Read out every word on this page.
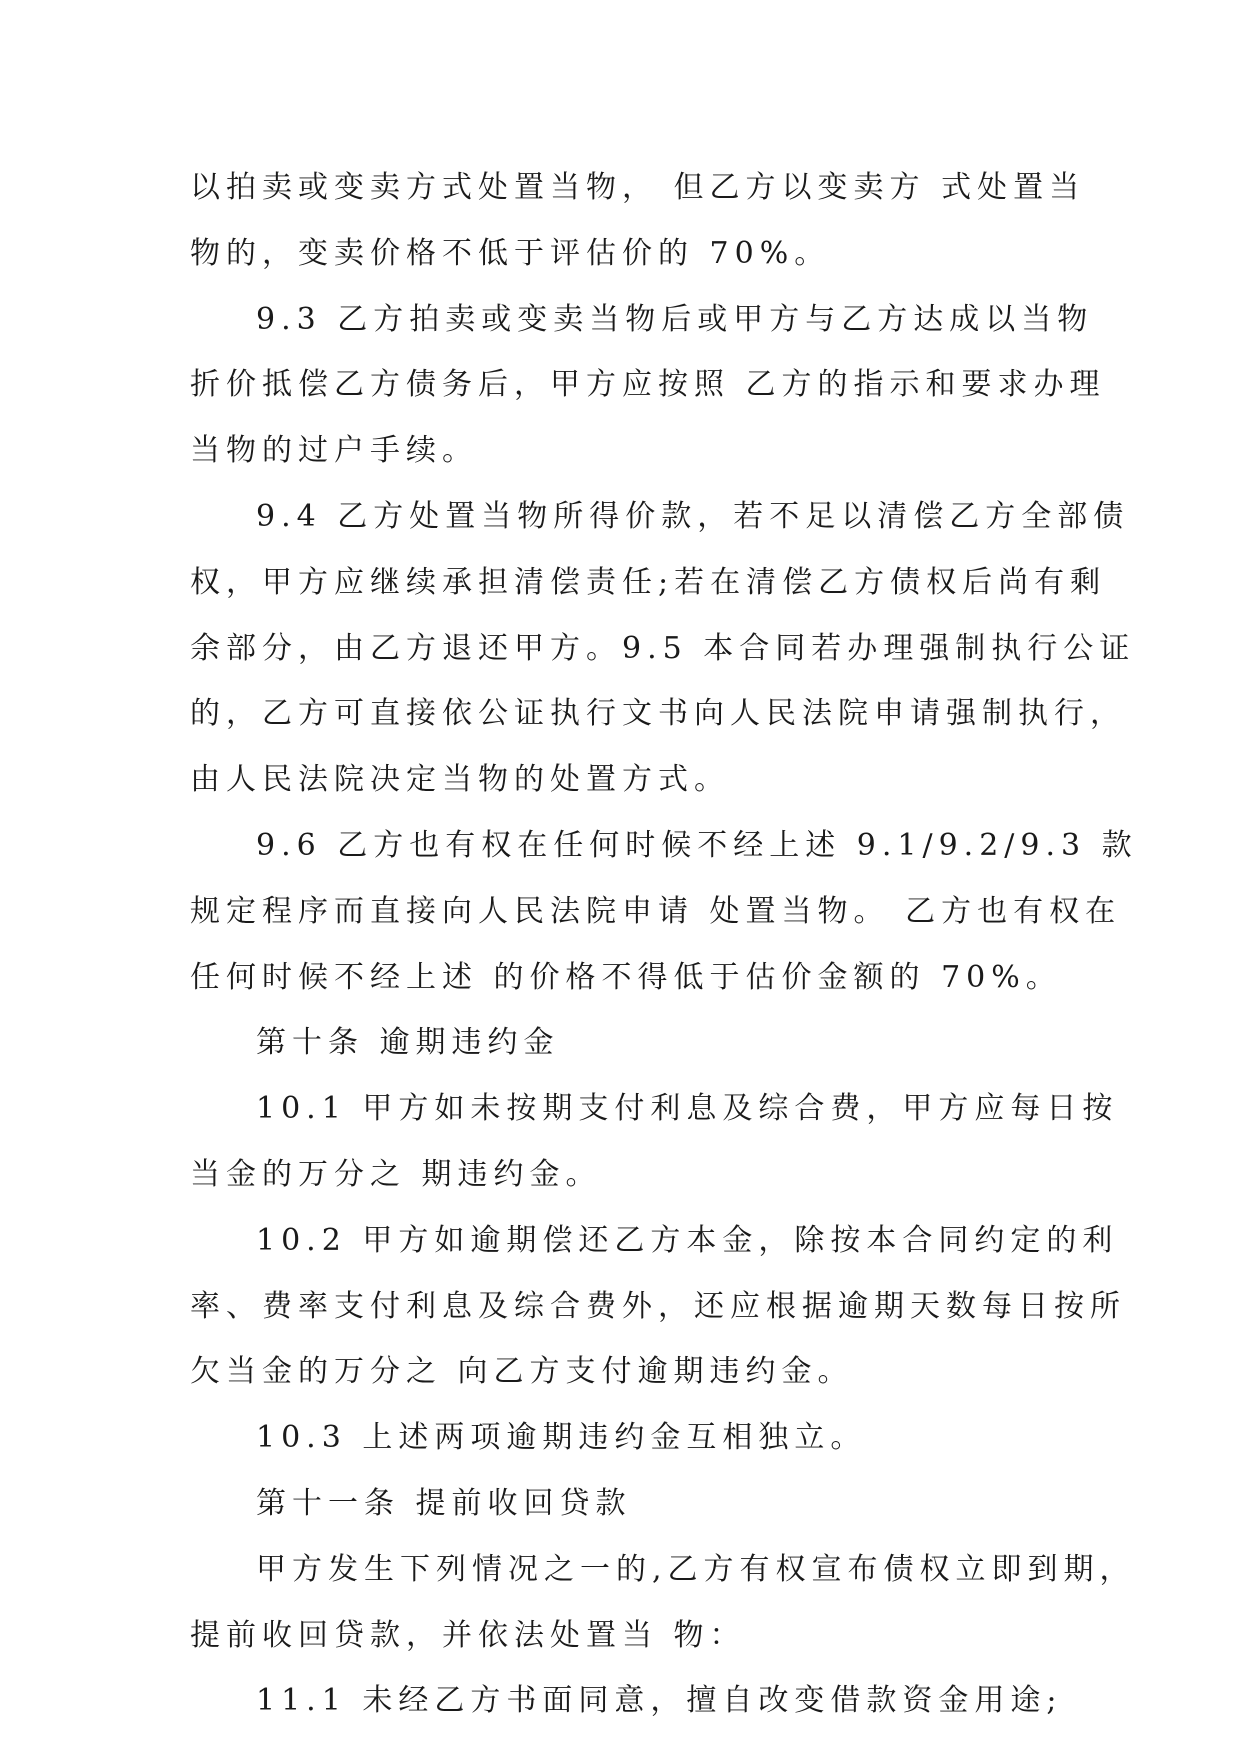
以拍卖或变卖方式处置当物， 但乙方以变卖方 式处置当
物的，变卖价格不低于评估价的 70%。
9.3 乙方拍卖或变卖当物后或甲方与乙方达成以当物
折价抵偿乙方债务后，甲方应按照 乙方的指示和要求办理
当物的过户手续。
9.4 乙方处置当物所得价款，若不足以清偿乙方全部债
权，甲方应继续承担清偿责任;若在清偿乙方债权后尚有剩
余部分，由乙方退还甲方。9.5 本合同若办理强制执行公证
的，乙方可直接依公证执行文书向人民法院申请强制执行，
由人民法院决定当物的处置方式。
9.6 乙方也有权在任何时候不经上述 9.1/9.2/9.3 款
规定程序而直接向人民法院申请 处置当物。 乙方也有权在
任何时候不经上述 的价格不得低于估价金额的 70%。
第十条 逾期违约金
10.1 甲方如未按期支付利息及综合费，甲方应每日按
当金的万分之 期违约金。
10.2 甲方如逾期偿还乙方本金，除按本合同约定的利
率、费率支付利息及综合费外，还应根据逾期天数每日按所
欠当金的万分之 向乙方支付逾期违约金。
10.3 上述两项逾期违约金互相独立。
第十一条 提前收回贷款
甲方发生下列情况之一的,乙方有权宣布债权立即到期，
提前收回贷款，并依法处置当 物：
11.1 未经乙方书面同意，擅自改变借款资金用途;
